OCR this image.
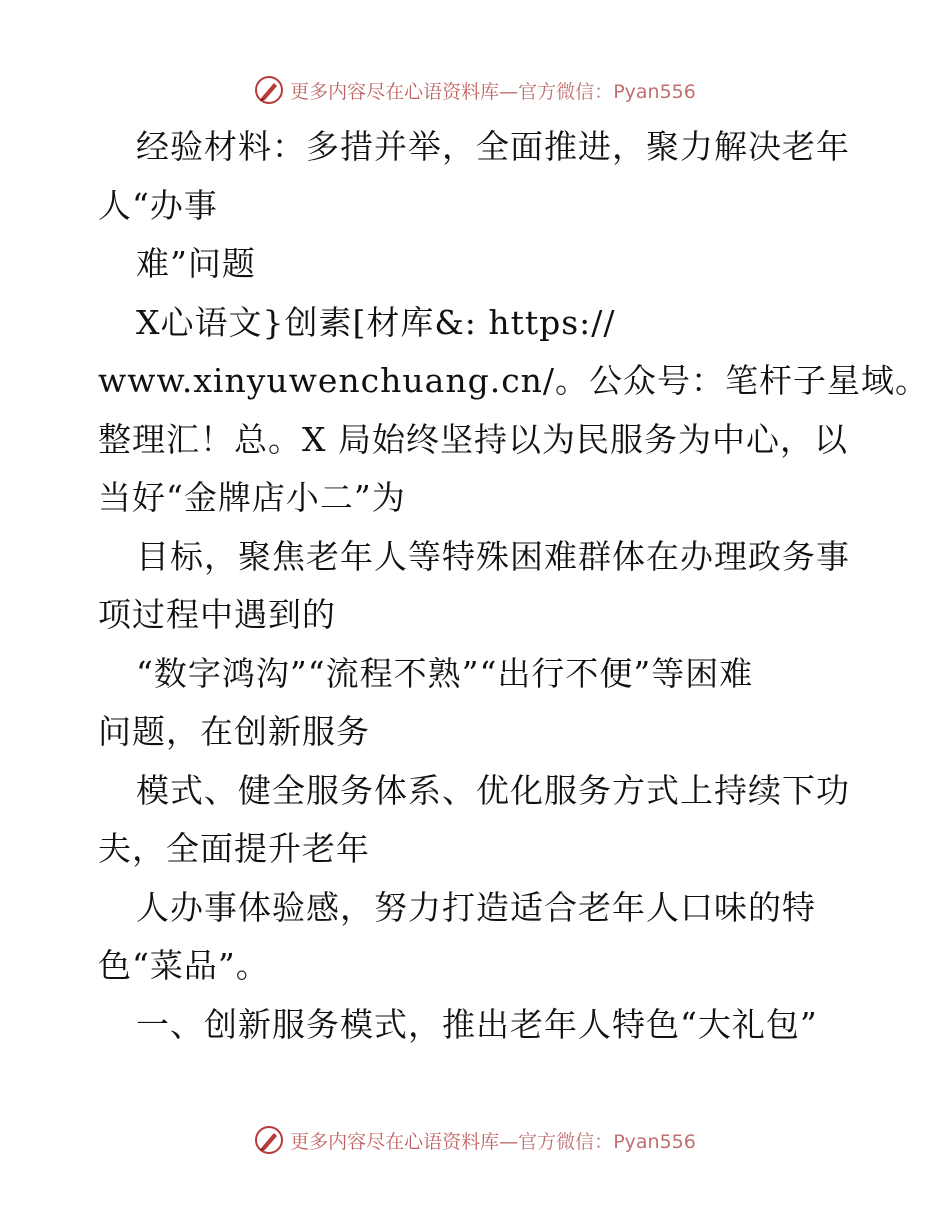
更多内容尽在心语资料库—官方微信：Pyan556
经验材料：多措并举，全面推进，聚力解决老年
人“办事
难”问题
X心语文}创素[材库&: https://
www.xinyuwenchuang.cn/。公众号：笔杆子星域。
整理汇！总。X 局始终坚持以为民服务为中心，以
当好“金牌店小二”为
目标，聚焦老年人等特殊困难群体在办理政务事
项过程中遇到的
“数字鸿沟”“流程不熟”“出行不便”等困难
问题，在创新服务
模式、健全服务体系、优化服务方式上持续下功
夫，全面提升老年
人办事体验感，努力打造适合老年人口味的特
色“菜品”。
一、创新服务模式，推出老年人特色“大礼包”
更多内容尽在心语资料库—官方微信：Pyan556
